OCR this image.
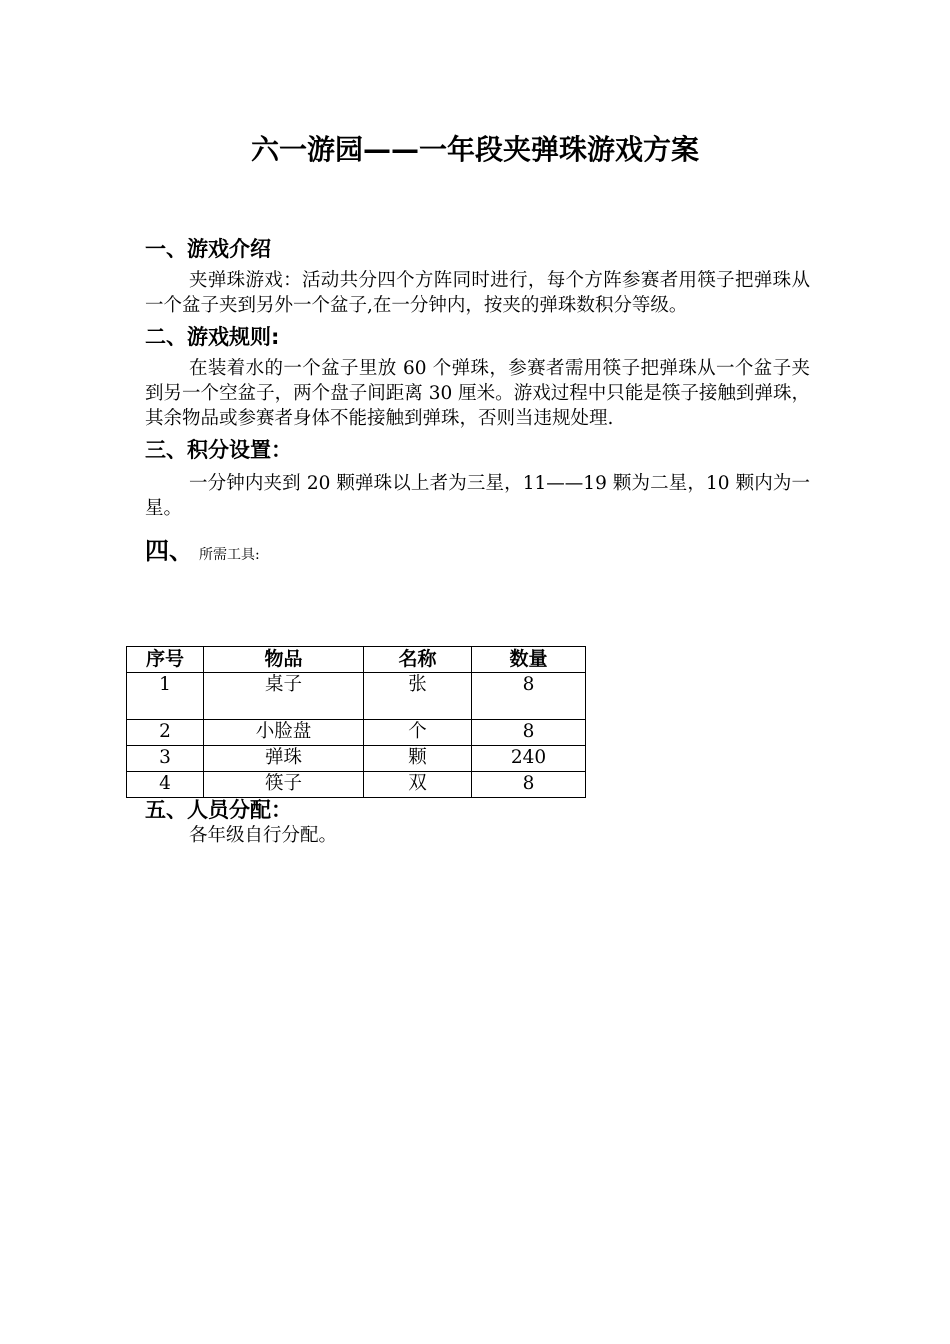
六一游园——一年段夹弹珠游戏方案
一、游戏介绍

夹弹珠游戏：活动共分四个方阵同时进行，每个方阵参赛者用筷子把弹珠从一个盆子夹到另外一个盆子,在一分钟内，按夹的弹珠数积分等级。

二、游戏规则:

在装着水的一个盆子里放 60 个弹珠，参赛者需用筷子把弹珠从一个盆子夹到另一个空盆子，两个盘子间距离 30 厘米。游戏过程中只能是筷子接触到弹珠，其余物品或参赛者身体不能接触到弹珠，否则当违规处理.

三、积分设置：

一分钟内夹到 20 颗弹珠以上者为三星，11——19 颗为二星，10 颗内为一星。

四、 所需工具:
序号	物品	名称	数量
1	桌子	张	8
2	小脸盘	个	8
3	弹珠	颗	240
4	筷子	双	8
五、人员分配：

各年级自行分配。
